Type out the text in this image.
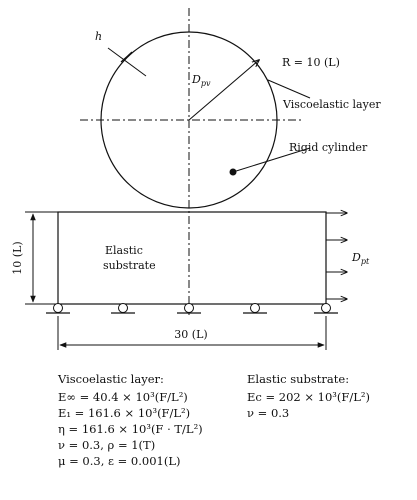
h
R = 10 (L)
$D_{pv}$
Viscoelastic layer
Rigid cylinder
Elastic
substrate
10 (L)	$D_{pt}$
30 (L)
Viscoelastic layer:
E∞ = 40.4 × 10³(F/L²)
E₁ = 161.6 × 10³(F/L²)
η = 161.6 × 10³(F · T/L²)
ν = 0.3, ρ = 1(T)
μ = 0.3, ε = 0.001(L)
Elastic substrate:
Ec = 202 × 10³(F/L²)
ν = 0.3
